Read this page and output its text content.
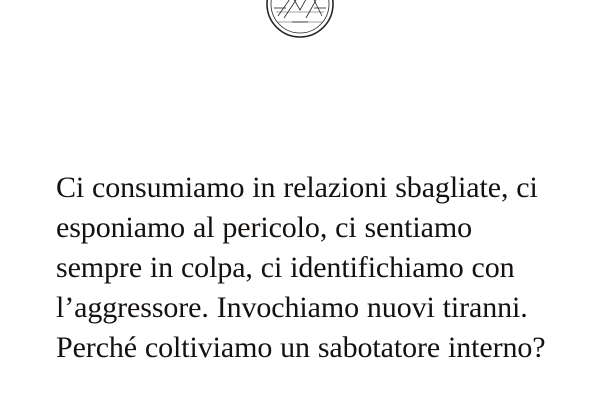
Ci consumiamo in relazioni sbagliate, ci esponiamo al pericolo, ci sentiamo sempre in colpa, ci identifichiamo con l’aggressore. Invochiamo nuovi tiranni. Perché coltiviamo un sabotatore interno?
